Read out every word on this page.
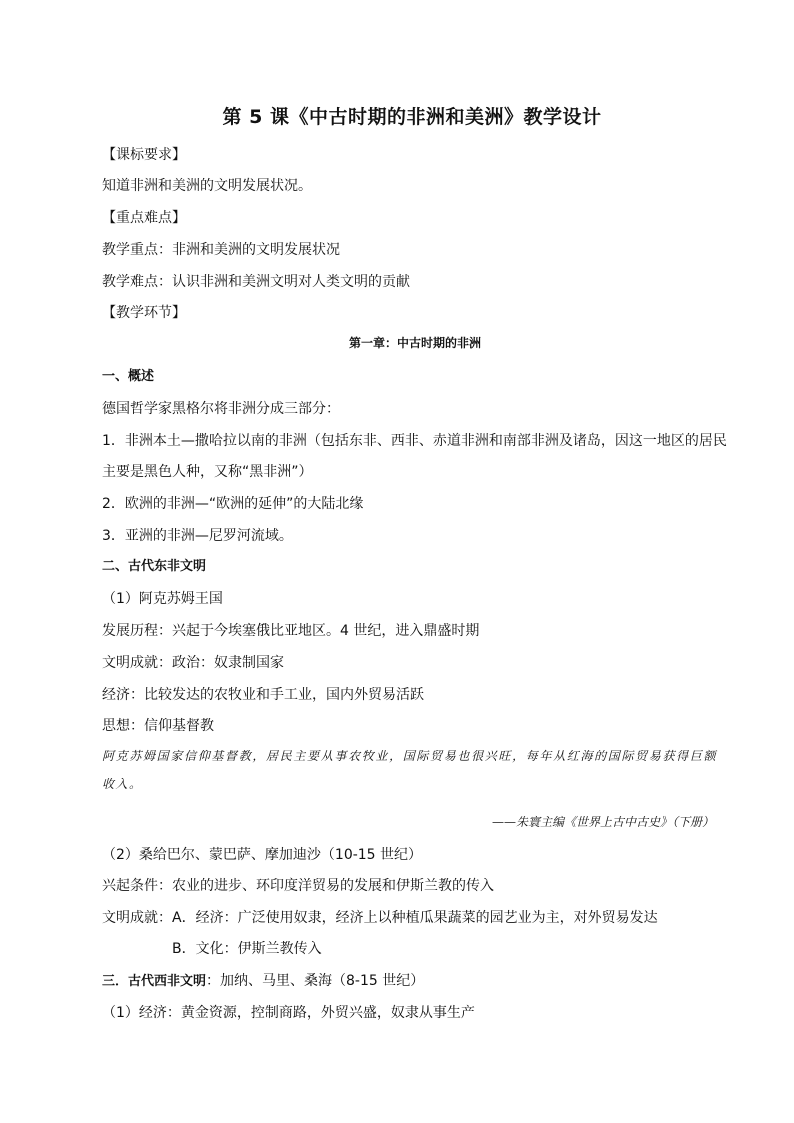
第 5 课《中古时期的非洲和美洲》教学设计
【课标要求】
知道非洲和美洲的文明发展状况。
【重点难点】
教学重点：非洲和美洲的文明发展状况
教学难点：认识非洲和美洲文明对人类文明的贡献
【教学环节】
第一章：中古时期的非洲
一、概述
德国哲学家黑格尔将非洲分成三部分：
1．非洲本土—撒哈拉以南的非洲（包括东非、西非、赤道非洲和南部非洲及诸岛，因这一地区的居民
主要是黑色人种，又称“黑非洲”）
2．欧洲的非洲—“欧洲的延伸”的大陆北缘
3．亚洲的非洲—尼罗河流域。
二、古代东非文明
（1）阿克苏姆王国
发展历程：兴起于今埃塞俄比亚地区。4 世纪，进入鼎盛时期
文明成就：政治：奴隶制国家
经济：比较发达的农牧业和手工业，国内外贸易活跃
思想：信仰基督教
阿克苏姆国家信仰基督教，居民主要从事农牧业，国际贸易也很兴旺，每年从红海的国际贸易获得巨额收入。
——朱寰主编《世界上古中古史》（下册）
（2）桑给巴尔、蒙巴萨、摩加迪沙（10-15 世纪）
兴起条件：农业的进步、环印度洋贸易的发展和伊斯兰教的传入
文明成就：A．经济：广泛使用奴隶，经济上以种植瓜果蔬菜的园艺业为主，对外贸易发达
B．文化：伊斯兰教传入
三．古代西非文明：加纳、马里、桑海（8-15 世纪）
（1）经济：黄金资源，控制商路，外贸兴盛，奴隶从事生产
